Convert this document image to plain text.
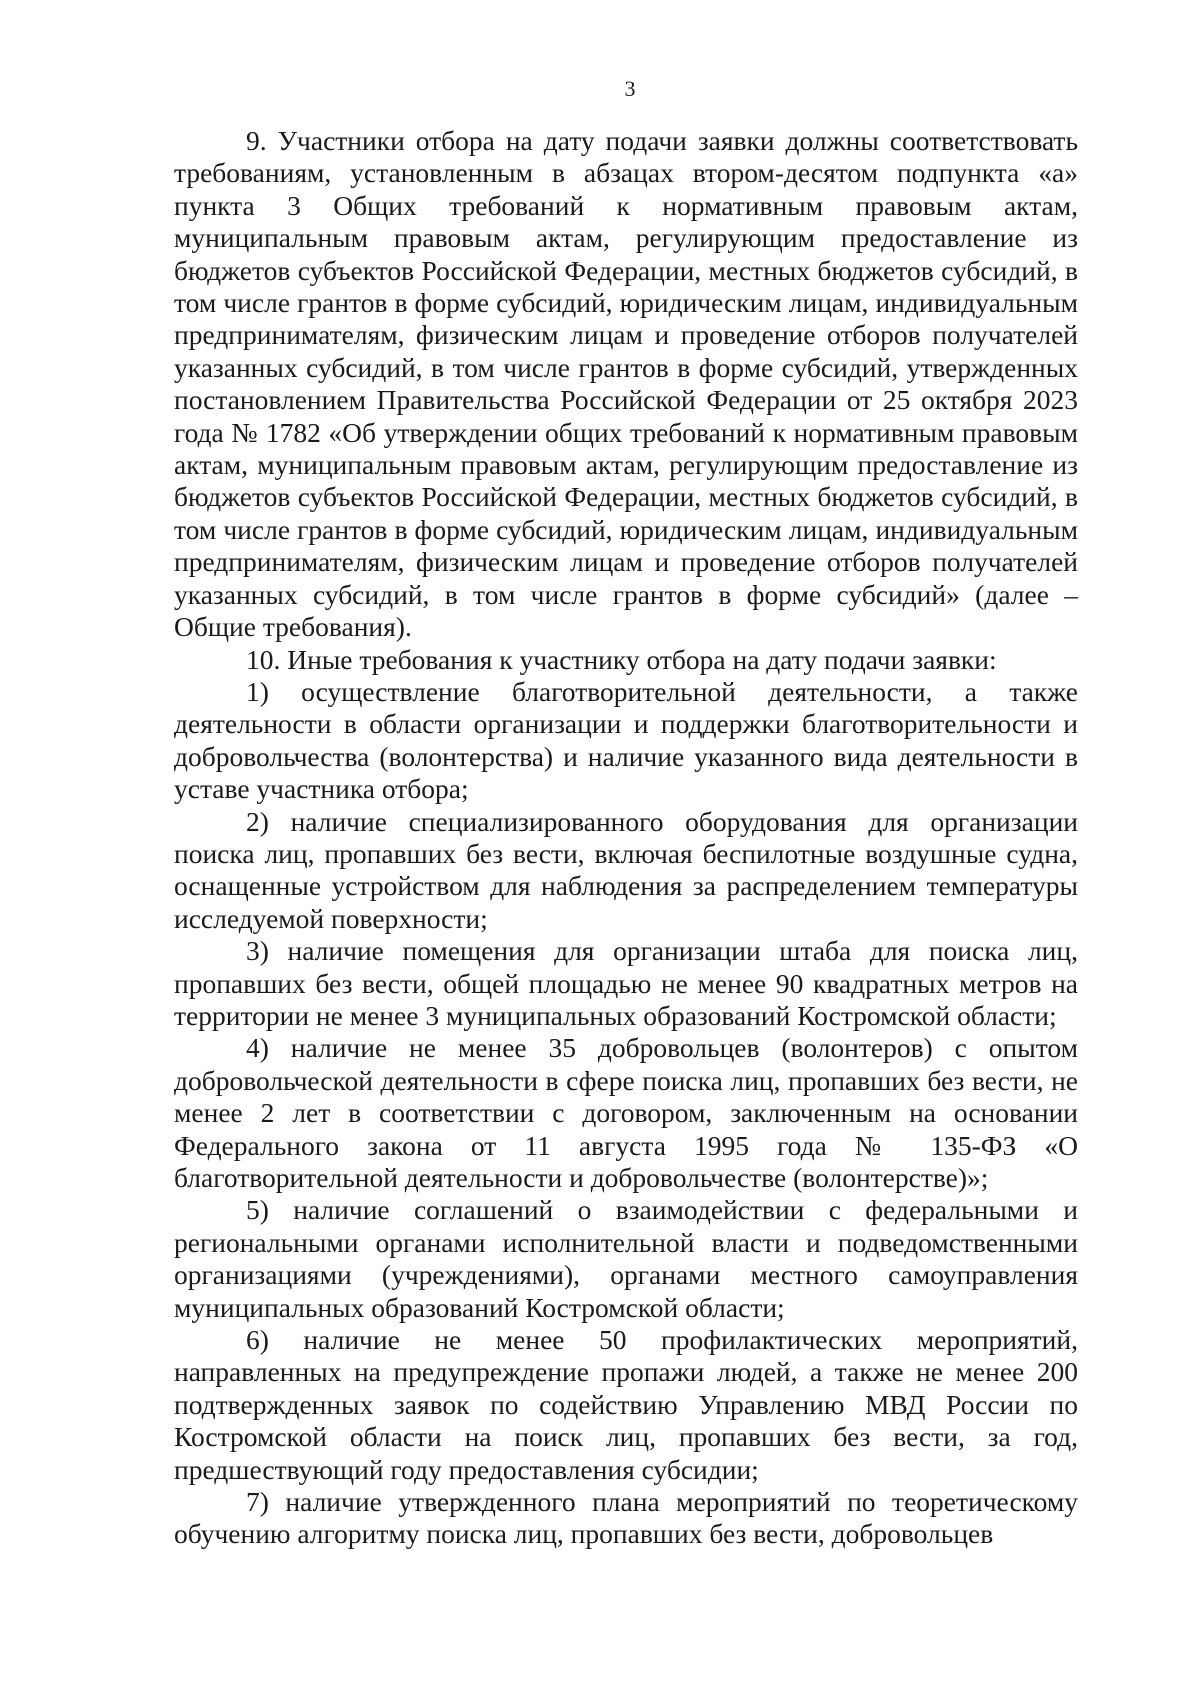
3

9. Участники отбора на дату подачи заявки должны соответствовать требованиям, установленным в абзацах втором-десятом подпункта «а» пункта 3 Общих требований к нормативным правовым актам, муниципальным правовым актам, регулирующим предоставление из бюджетов субъектов Российской Федерации, местных бюджетов субсидий, в том числе грантов в форме субсидий, юридическим лицам, индивидуальным предпринимателям, физическим лицам и проведение отборов получателей указанных субсидий, в том числе грантов в форме субсидий, утвержденных постановлением Правительства Российской Федерации от 25 октября 2023 года № 1782 «Об утверждении общих требований к нормативным правовым актам, муниципальным правовым актам, регулирующим предоставление из бюджетов субъектов Российской Федерации, местных бюджетов субсидий, в том числе грантов в форме субсидий, юридическим лицам, индивидуальным предпринимателям, физическим лицам и проведение отборов получателей указанных субсидий, в том числе грантов в форме субсидий» (далее – Общие требования).

10. Иные требования к участнику отбора на дату подачи заявки:

1) осуществление благотворительной деятельности, а также деятельности в области организации и поддержки благотворительности и добровольчества (волонтерства) и наличие указанного вида деятельности в уставе участника отбора;

2) наличие специализированного оборудования для организации поиска лиц, пропавших без вести, включая беспилотные воздушные судна, оснащенные устройством для наблюдения за распределением температуры исследуемой поверхности;

3) наличие помещения для организации штаба для поиска лиц, пропавших без вести, общей площадью не менее 90 квадратных метров на территории не менее 3 муниципальных образований Костромской области;

4) наличие не менее 35 добровольцев (волонтеров) с опытом добровольческой деятельности в сфере поиска лиц, пропавших без вести, не менее 2 лет в соответствии с договором, заключенным на основании Федерального закона от 11 августа 1995 года № 135-ФЗ «О благотворительной деятельности и добровольчестве (волонтерстве)»;

5) наличие соглашений о взаимодействии с федеральными и региональными органами исполнительной власти и подведомственными организациями (учреждениями), органами местного самоуправления муниципальных образований Костромской области;

6) наличие не менее 50 профилактических мероприятий, направленных на предупреждение пропажи людей, а также не менее 200 подтвержденных заявок по содействию Управлению МВД России по Костромской области на поиск лиц, пропавших без вести, за год, предшествующий году предоставления субсидии;

7) наличие утвержденного плана мероприятий по теоретическому обучению алгоритму поиска лиц, пропавших без вести, добровольцев
